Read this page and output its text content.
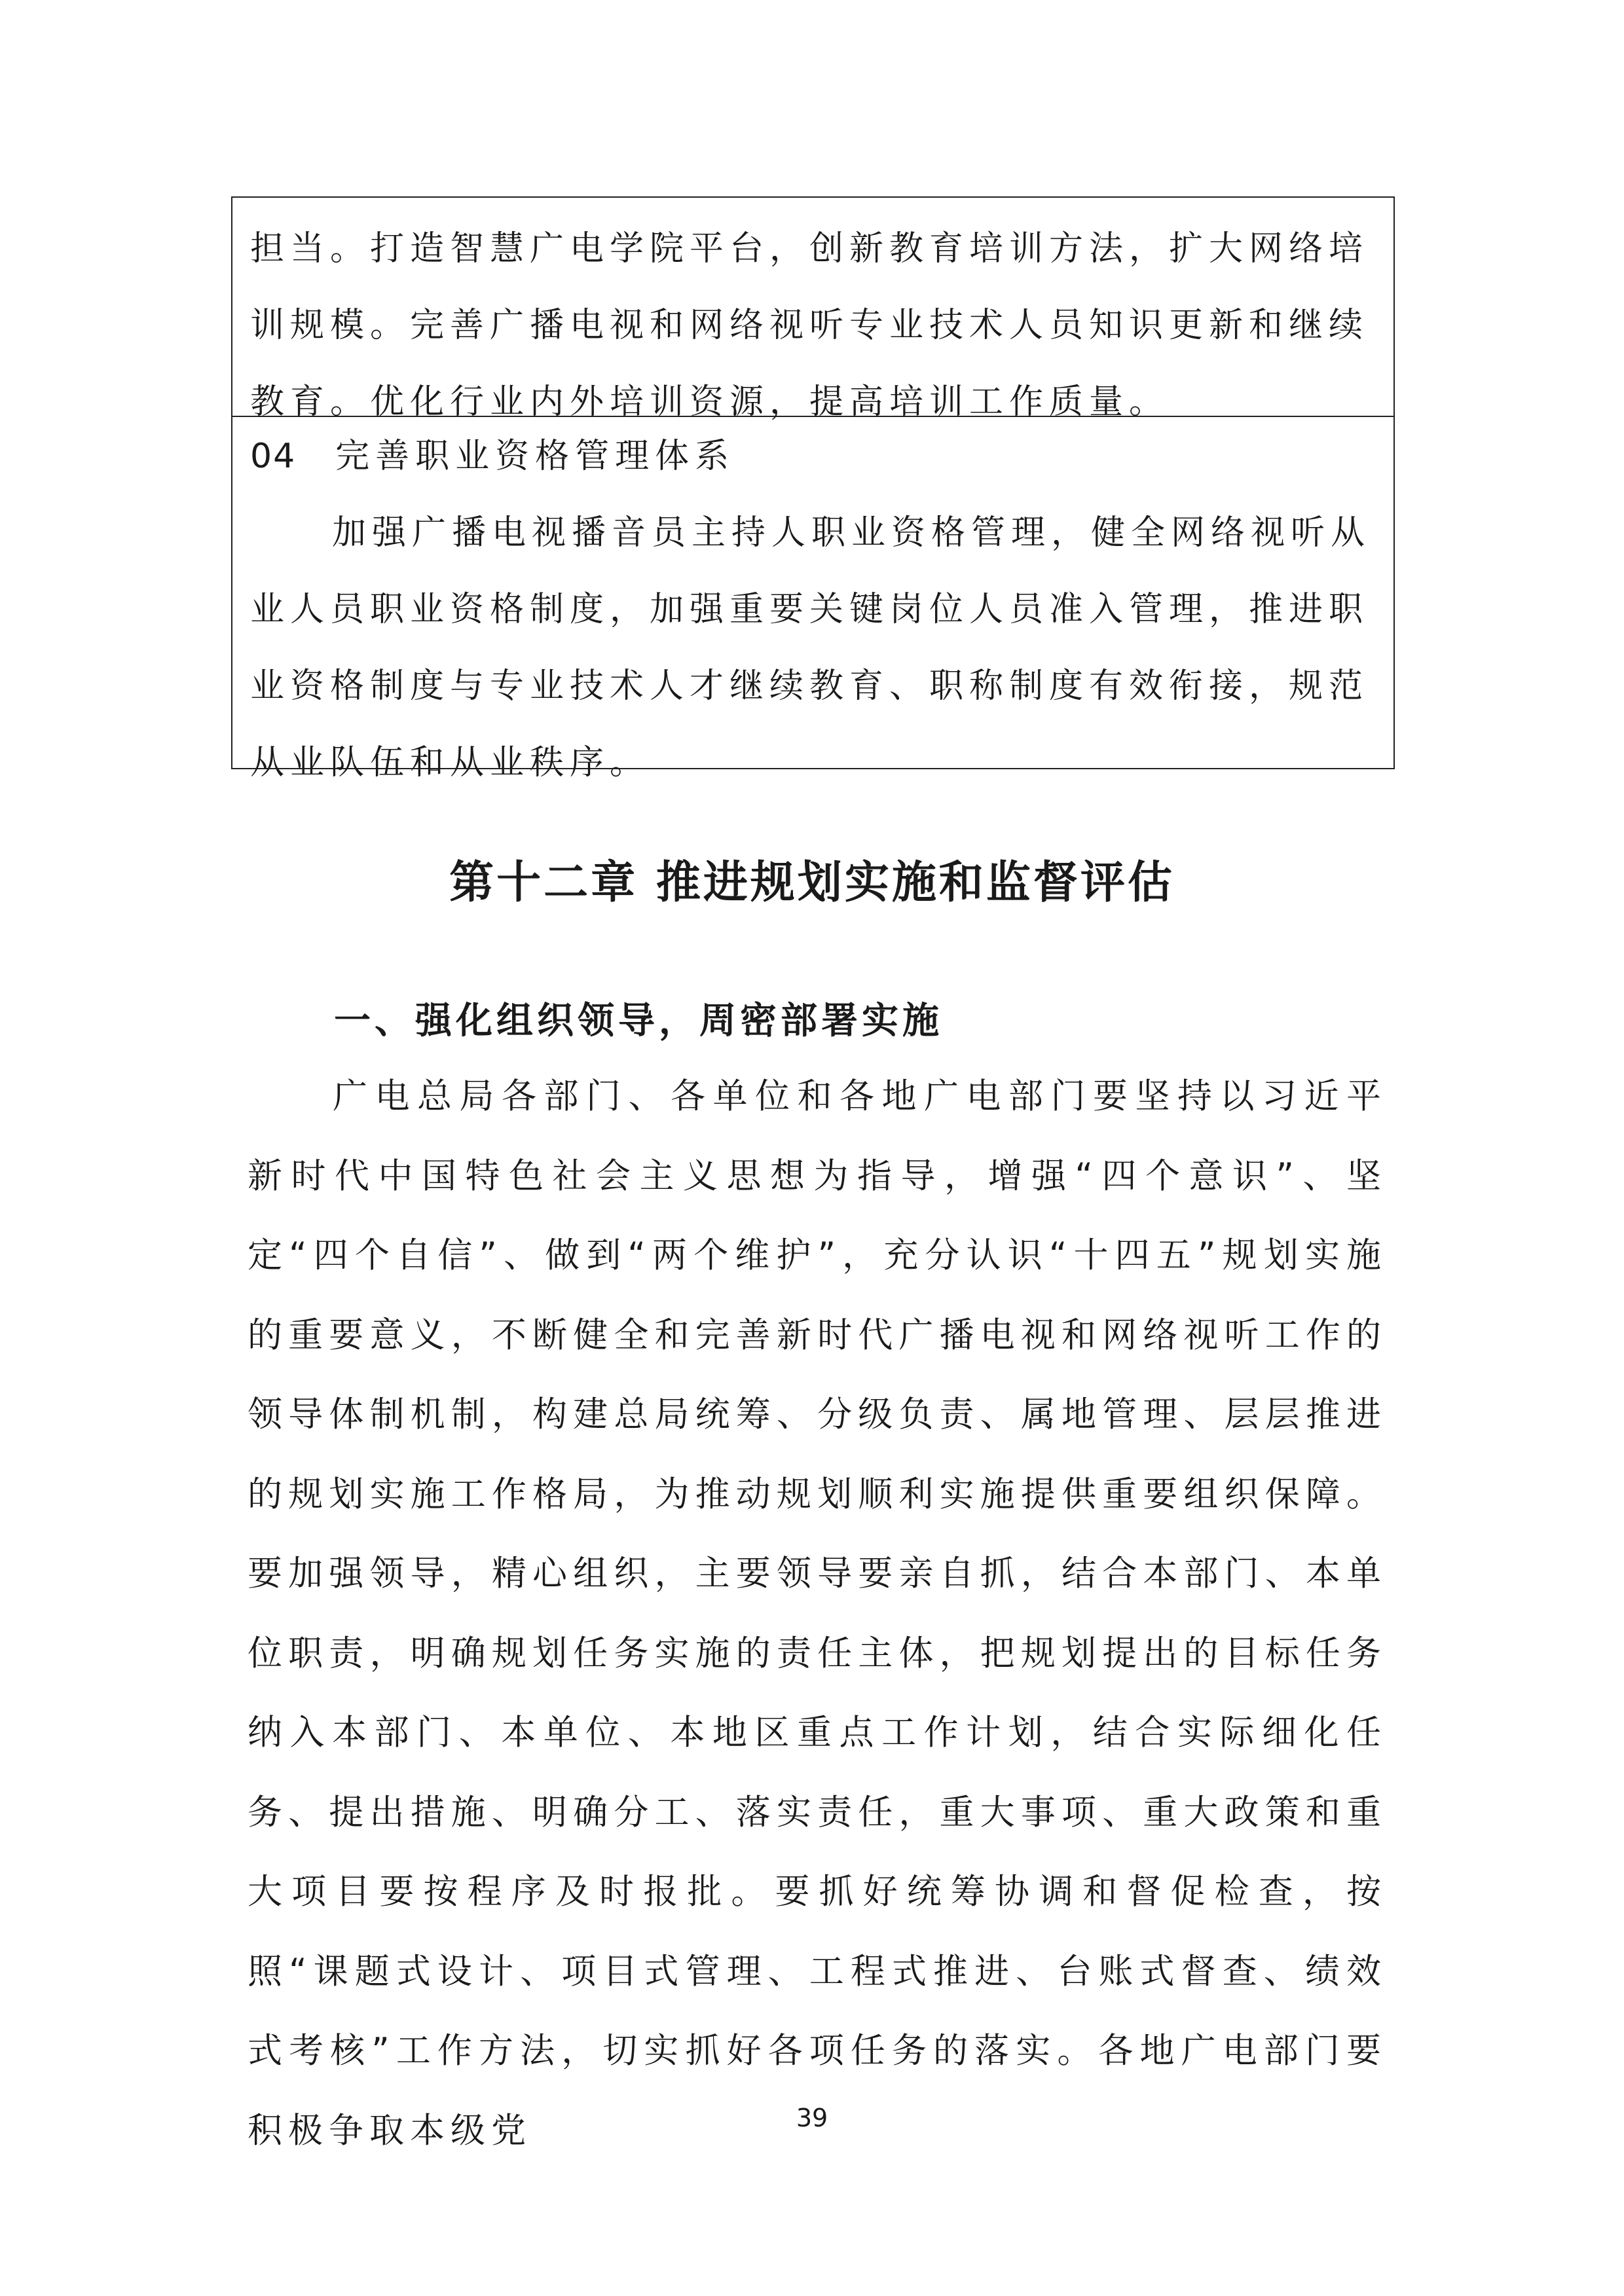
担当。打造智慧广电学院平台，创新教育培训方法，扩大网络培训规模。完善广播电视和网络视听专业技术人员知识更新和继续教育。优化行业内外培训资源，提高培训工作质量。

04 完善职业资格管理体系

加强广播电视播音员主持人职业资格管理，健全网络视听从业人员职业资格制度，加强重要关键岗位人员准入管理，推进职业资格制度与专业技术人才继续教育、职称制度有效衔接，规范从业队伍和从业秩序。

第十二章 推进规划实施和监督评估
一、强化组织领导，周密部署实施

广电总局各部门、各单位和各地广电部门要坚持以习近平新时代中国特色社会主义思想为指导，增强“四个意识”、坚定“四个自信”、做到“两个维护”，充分认识“十四五”规划实施的重要意义，不断健全和完善新时代广播电视和网络视听工作的领导体制机制，构建总局统筹、分级负责、属地管理、层层推进的规划实施工作格局，为推动规划顺利实施提供重要组织保障。要加强领导，精心组织，主要领导要亲自抓，结合本部门、本单位职责，明确规划任务实施的责任主体，把规划提出的目标任务纳入本部门、本单位、本地区重点工作计划，结合实际细化任务、提出措施、明确分工、落实责任，重大事项、重大政策和重大项目要按程序及时报批。要抓好统筹协调和督促检查，按照“课题式设计、项目式管理、工程式推进、台账式督查、绩效式考核”工作方法，切实抓好各项任务的落实。各地广电部门要积极争取本级党	39
